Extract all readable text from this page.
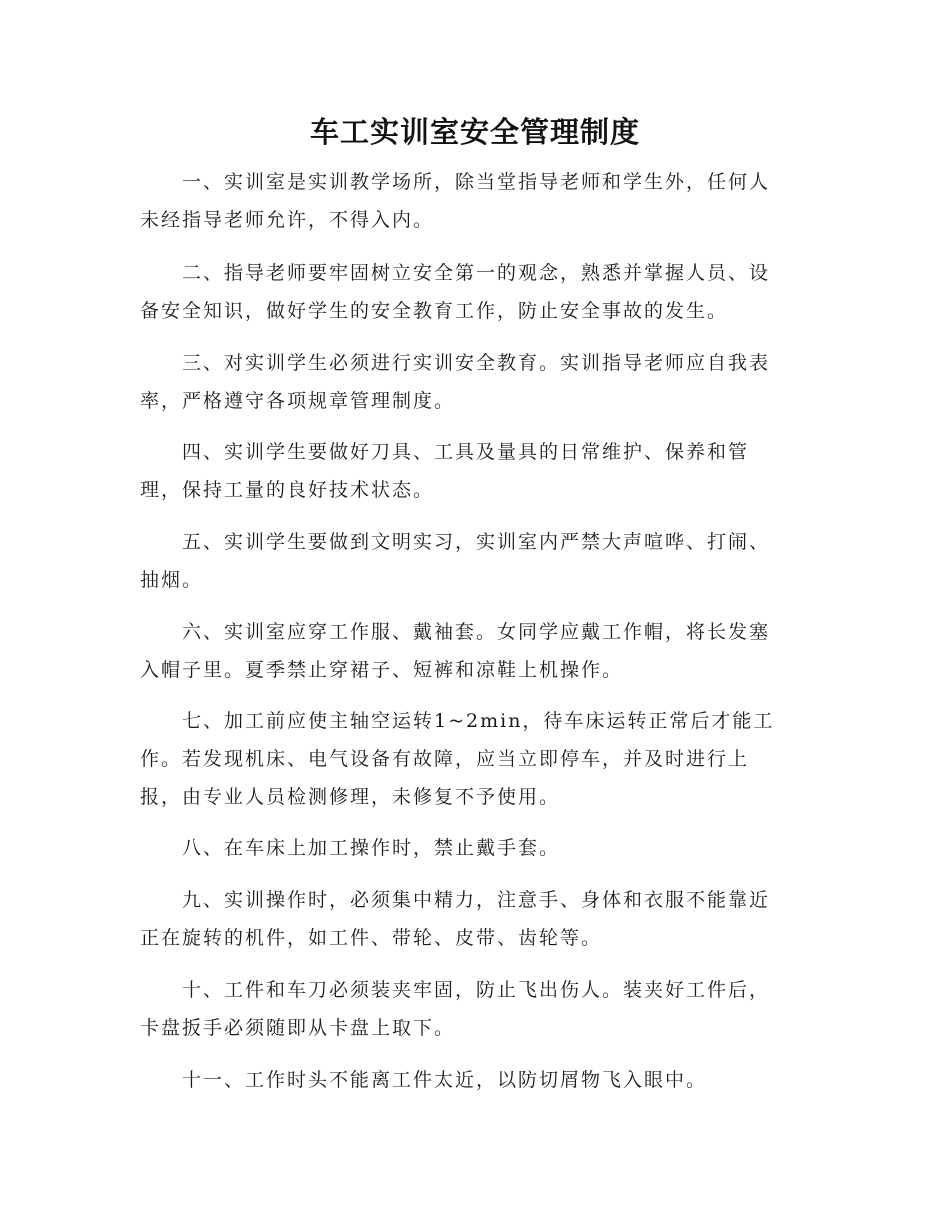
车工实训室安全管理制度

　　一、实训室是实训教学场所，除当堂指导老师和学生外，任何人
未经指导老师允许，不得入内。

　　二、指导老师要牢固树立安全第一的观念，熟悉并掌握人员、设
备安全知识，做好学生的安全教育工作，防止安全事故的发生。

　　三、对实训学生必须进行实训安全教育。实训指导老师应自我表
率，严格遵守各项规章管理制度。

　　四、实训学生要做好刀具、工具及量具的日常维护、保养和管
理，保持工量的良好技术状态。

　　五、实训学生要做到文明实习，实训室内严禁大声喧哗、打闹、
抽烟。

　　六、实训室应穿工作服、戴袖套。女同学应戴工作帽，将长发塞
入帽子里。夏季禁止穿裙子、短裤和凉鞋上机操作。

　　七、加工前应使主轴空运转1~2min，待车床运转正常后才能工
作。若发现机床、电气设备有故障，应当立即停车，并及时进行上
报，由专业人员检测修理，未修复不予使用。

　　八、在车床上加工操作时，禁止戴手套。

　　九、实训操作时，必须集中精力，注意手、身体和衣服不能靠近
正在旋转的机件，如工件、带轮、皮带、齿轮等。

　　十、工件和车刀必须装夹牢固，防止飞出伤人。装夹好工件后，
卡盘扳手必须随即从卡盘上取下。

　　十一、工作时头不能离工件太近，以防切屑物飞入眼中。
